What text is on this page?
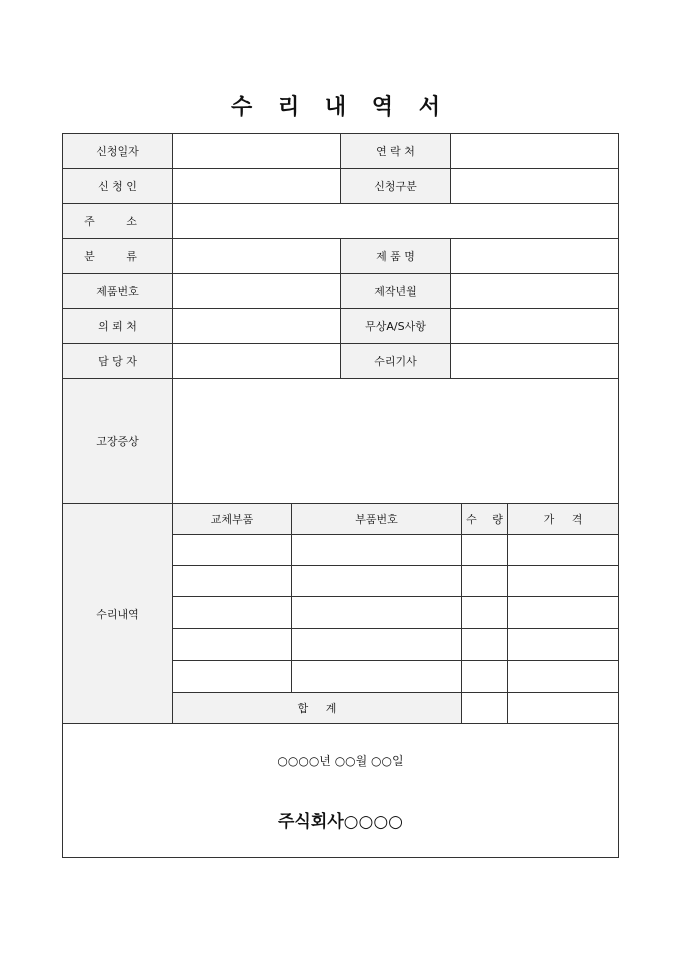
수 리 내 역 서
신청일자	연 락 처
신 청 인	신청구분
주 소
분 류	제 품 명
제품번호	제작년월
의 뢰 처	무상A/S사항
담 당 자	수리기사
고장증상
수리내역
교체부품	부품번호	수 량	가 격
합 계
○○○○년 ○○월 ○○일
주식회사○○○○
